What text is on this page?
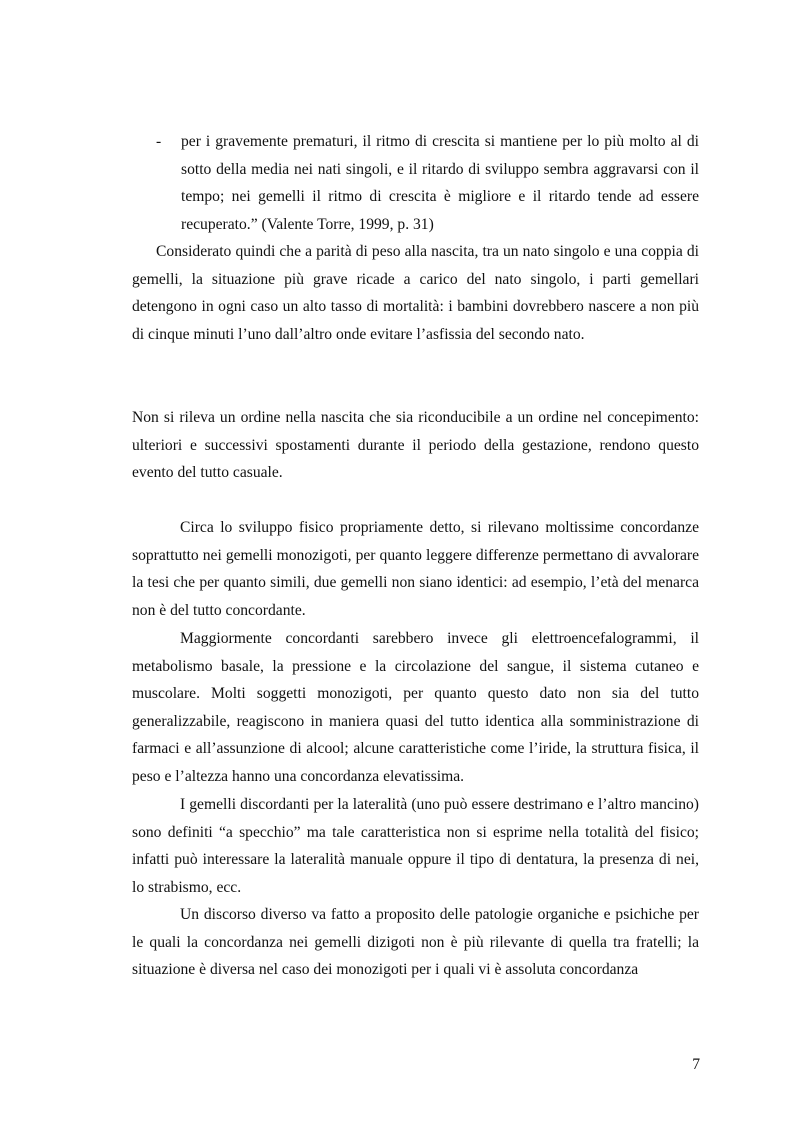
- per i gravemente prematuri, il ritmo di crescita si mantiene per lo più molto al di sotto della media nei nati singoli, e il ritardo di sviluppo sembra aggravarsi con il tempo; nei gemelli il ritmo di crescita è migliore e il ritardo tende ad essere recuperato.” (Valente Torre, 1999, p. 31)

Considerato quindi che a parità di peso alla nascita, tra un nato singolo e una coppia di gemelli, la situazione più grave ricade a carico del nato singolo, i parti gemellari detengono in ogni caso un alto tasso di mortalità: i bambini dovrebbero nascere a non più di cinque minuti l’uno dall’altro onde evitare l’asfissia del secondo nato.

Non si rileva un ordine nella nascita che sia riconducibile a un ordine nel concepimento: ulteriori e successivi spostamenti durante il periodo della gestazione, rendono questo evento del tutto casuale.

Circa lo sviluppo fisico propriamente detto, si rilevano moltissime concordanze soprattutto nei gemelli monozigoti, per quanto leggere differenze permettano di avvalorare la tesi che per quanto simili, due gemelli non siano identici: ad esempio, l’età del menarca non è del tutto concordante.

Maggiormente concordanti sarebbero invece gli elettroencefalogrammi, il metabolismo basale, la pressione e la circolazione del sangue, il sistema cutaneo e muscolare. Molti soggetti monozigoti, per quanto questo dato non sia del tutto generalizzabile, reagiscono in maniera quasi del tutto identica alla somministrazione di farmaci e all’assunzione di alcool; alcune caratteristiche come l’iride, la struttura fisica, il peso e l’altezza hanno una concordanza elevatissima.

I gemelli discordanti per la lateralità (uno può essere destrimano e l’altro mancino) sono definiti “a specchio” ma tale caratteristica non si esprime nella totalità del fisico; infatti può interessare la lateralità manuale oppure il tipo di dentatura, la presenza di nei, lo strabismo, ecc.

Un discorso diverso va fatto a proposito delle patologie organiche e psichiche per le quali la concordanza nei gemelli dizigoti non è più rilevante di quella tra fratelli; la situazione è diversa nel caso dei monozigoti per i quali vi è assoluta concordanza

7
